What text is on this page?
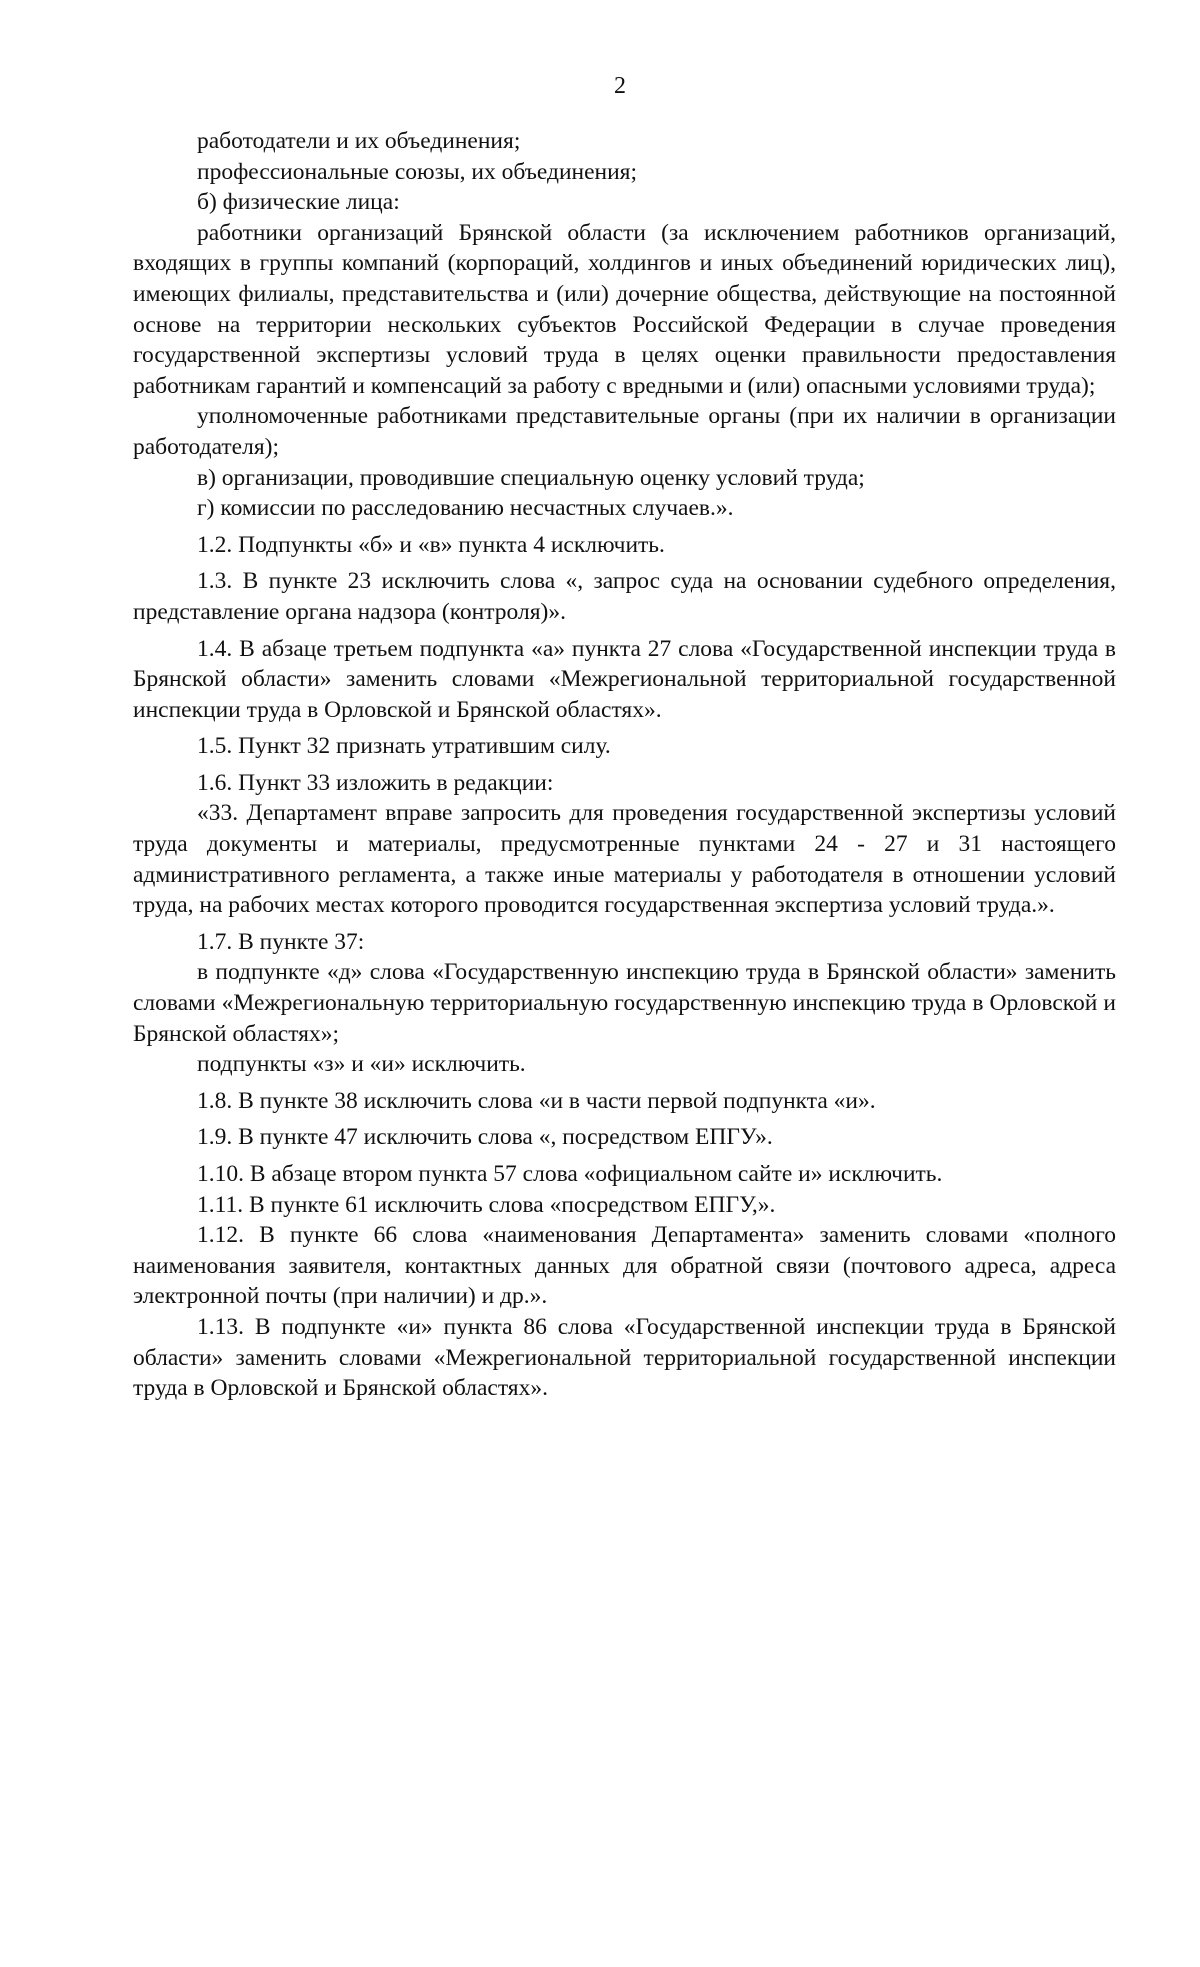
2

работодатели и их объединения;

профессиональные союзы, их объединения;

б) физические лица:

работники организаций Брянской области (за исключением работников организаций, входящих в группы компаний (корпораций, холдингов и иных объединений юридических лиц), имеющих филиалы, представительства и (или) дочерние общества, действующие на постоянной основе на территории нескольких субъектов Российской Федерации в случае проведения государственной экспертизы условий труда в целях оценки правильности предоставления работникам гарантий и компенсаций за работу с вредными и (или) опасными условиями труда);

уполномоченные работниками представительные органы (при их наличии в организации работодателя);

в) организации, проводившие специальную оценку условий труда;

г) комиссии по расследованию несчастных случаев.».

1.2. Подпункты «б» и «в» пункта 4 исключить.

1.3. В пункте 23 исключить слова «, запрос суда на основании судебного определения, представление органа надзора (контроля)».

1.4. В абзаце третьем подпункта «а» пункта 27 слова «Государственной инспекции труда в Брянской области» заменить словами «Межрегиональной территориальной государственной инспекции труда в Орловской и Брянской областях».

1.5. Пункт 32 признать утратившим силу.

1.6. Пункт 33 изложить в редакции:

«33. Департамент вправе запросить для проведения государственной экспертизы условий труда документы и материалы, предусмотренные пунктами 24 - 27 и 31 настоящего административного регламента, а также иные материалы у работодателя в отношении условий труда, на рабочих местах которого проводится государственная экспертиза условий труда.».

1.7. В пункте 37:

в подпункте «д» слова «Государственную инспекцию труда в Брянской области» заменить словами «Межрегиональную территориальную государственную инспекцию труда в Орловской и Брянской областях»;

подпункты «з» и «и» исключить.

1.8. В пункте 38 исключить слова «и в части первой подпункта «и».

1.9. В пункте 47 исключить слова «, посредством ЕПГУ».

1.10. В абзаце втором пункта 57 слова «официальном сайте и» исключить.

1.11. В пункте 61 исключить слова «посредством ЕПГУ,».

1.12. В пункте 66 слова «наименования Департамента» заменить словами «полного наименования заявителя, контактных данных для обратной связи (почтового адреса, адреса электронной почты (при наличии) и др.».

1.13. В подпункте «и» пункта 86 слова «Государственной инспекции труда в Брянской области» заменить словами «Межрегиональной территориальной государственной инспекции труда в Орловской и Брянской областях».
